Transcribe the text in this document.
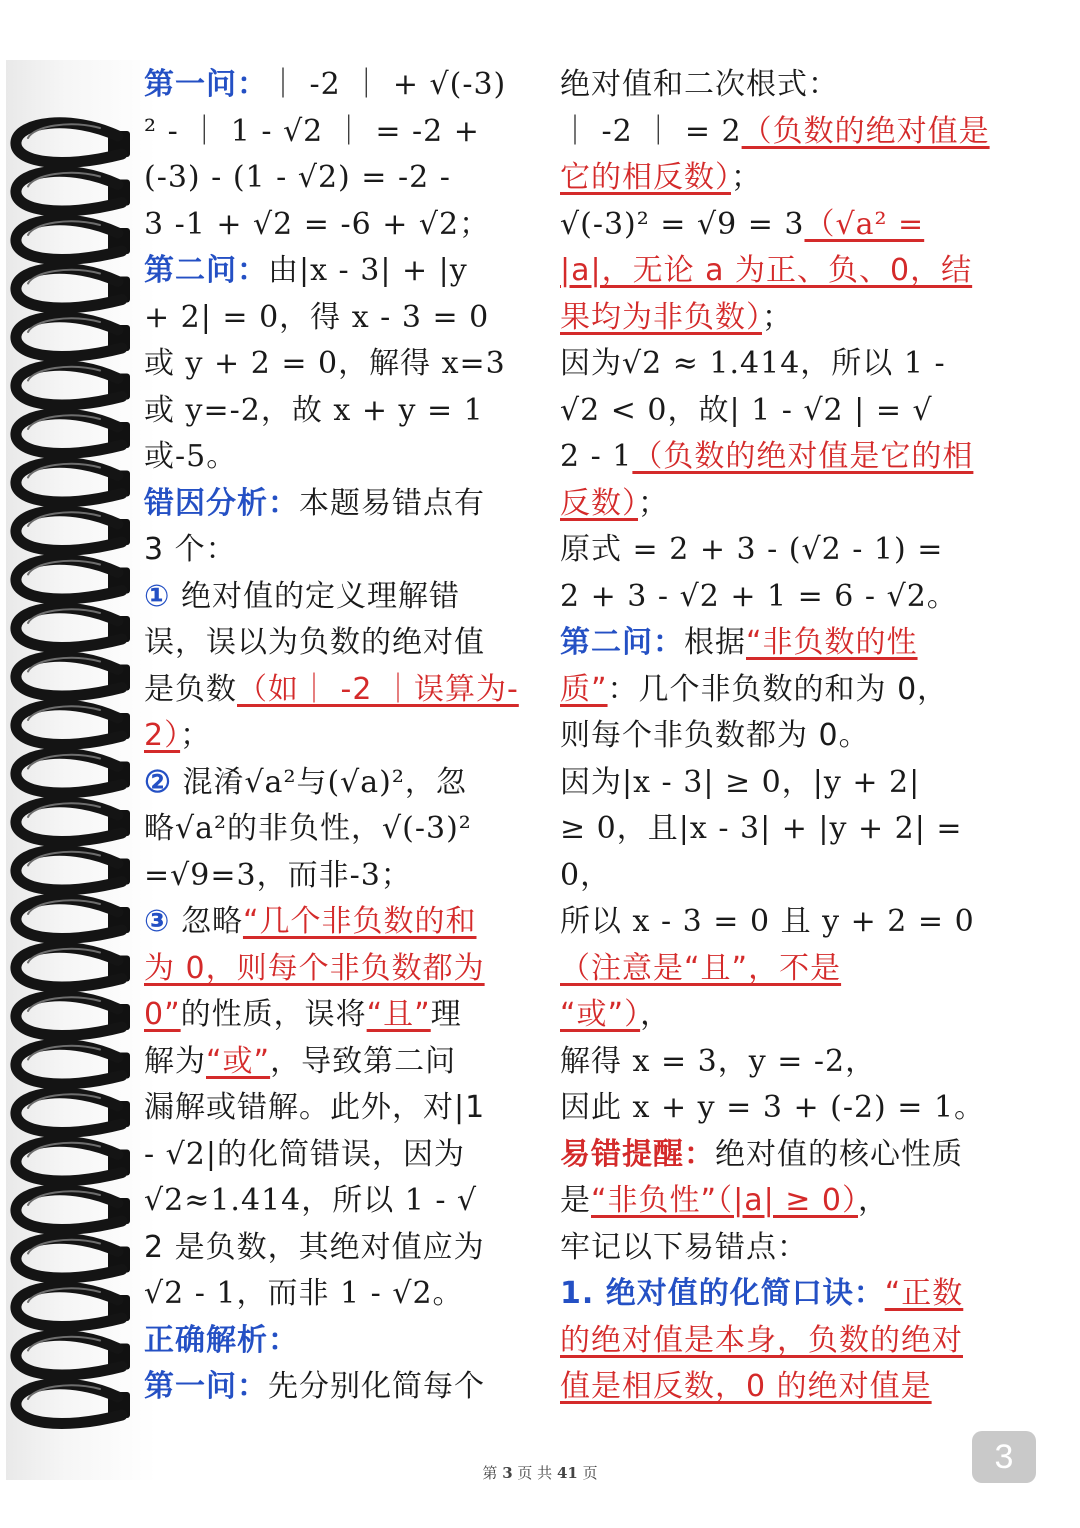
第一问：｜ -2 ｜ + √(-3)
² - ｜ 1 - √2 ｜ = -2 +
(-3) - (1 - √2) = -2 -
3 -1 + √2 = -6 + √2；
第二问：由|x - 3| + |y
+ 2| = 0，得 x - 3 = 0
或 y + 2 = 0，解得 x=3
或 y=-2，故 x + y = 1
或-5。
错因分析：本题易错点有
3 个：
① 绝对值的定义理解错
误，误以为负数的绝对值
是负数（如｜ -2 ｜误算为-
2）；
② 混淆√a²与(√a)²，忽
略√a²的非负性，√(-3)²
=√9=3，而非-3；
③ 忽略“几个非负数的和
为 0，则每个非负数都为
0”的性质，误将“且”理
解为“或”，导致第二问
漏解或错解。此外，对|1
- √2|的化简错误，因为
√2≈1.414，所以 1 - √
2 是负数，其绝对值应为
√2 - 1，而非 1 - √2。
正确解析：
第一问：先分别化简每个
绝对值和二次根式：
｜ -2 ｜ = 2（负数的绝对值是
它的相反数）；
√(-3)² = √9 = 3（√a² =
|a|，无论 a 为正、负、0，结
果均为非负数）；
因为√2 ≈ 1.414，所以 1 -
√2 < 0，故| 1 - √2 | = √
2 - 1（负数的绝对值是它的相
反数）；
原式 = 2 + 3 - (√2 - 1) =
2 + 3 - √2 + 1 = 6 - √2。
第二问：根据“非负数的性
质”：几个非负数的和为 0，
则每个非负数都为 0。
因为|x - 3| ≥ 0，|y + 2|
≥ 0，且|x - 3| + |y + 2| =
0，
所以 x - 3 = 0 且 y + 2 = 0
（注意是“且”，不是
“或”），
解得 x = 3，y = -2，
因此 x + y = 3 + (-2) = 1。
易错提醒：绝对值的核心性质
是“非负性”（|a| ≥ 0），
牢记以下易错点：
1. 绝对值的化简口诀：“正数
的绝对值是本身，负数的绝对
值是相反数，0 的绝对值是
第 3 页 共 41 页	3
